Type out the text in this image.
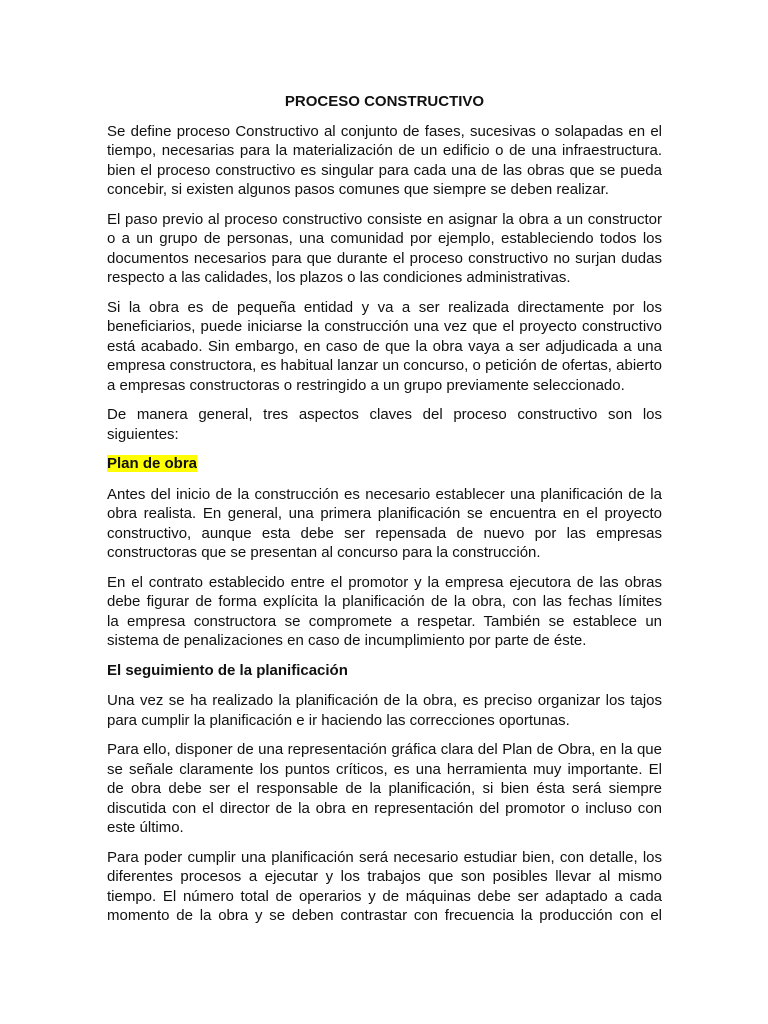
PROCESO CONSTRUCTIVO
Se define proceso Constructivo al conjunto de fases, sucesivas o solapadas en el
tiempo, necesarias para la materialización de un edificio o de una infraestructura.
bien el proceso constructivo es singular para cada una de las obras que se pueda
concebir, si existen algunos pasos comunes que siempre se deben realizar.
El paso previo al proceso constructivo consiste en asignar la obra a un constructor
o a un grupo de personas, una comunidad por ejemplo, estableciendo todos los
documentos necesarios para que durante el proceso constructivo no surjan dudas
respecto a las calidades, los plazos o las condiciones administrativas.
Si la obra es de pequeña entidad y va a ser realizada directamente por los
beneficiarios, puede iniciarse la construcción una vez que el proyecto constructivo
está acabado. Sin embargo, en caso de que la obra vaya a ser adjudicada a una
empresa constructora, es habitual lanzar un concurso, o petición de ofertas, abierto
a empresas constructoras o restringido a un grupo previamente seleccionado.
De manera general, tres aspectos claves del proceso constructivo son los
siguientes:
Plan de obra
Antes del inicio de la construcción es necesario establecer una planificación de la
obra realista. En general, una primera planificación se encuentra en el proyecto
constructivo, aunque esta debe ser repensada de nuevo por las empresas
constructoras que se presentan al concurso para la construcción.
En el contrato establecido entre el promotor y la empresa ejecutora de las obras
debe figurar de forma explícita la planificación de la obra, con las fechas límites
la empresa constructora se compromete a respetar. También se establece un
sistema de penalizaciones en caso de incumplimiento por parte de éste.
El seguimiento de la planificación
Una vez se ha realizado la planificación de la obra, es preciso organizar los tajos
para cumplir la planificación e ir haciendo las correcciones oportunas.
Para ello, disponer de una representación gráfica clara del Plan de Obra, en la que
se señale claramente los puntos críticos, es una herramienta muy importante. El
de obra debe ser el responsable de la planificación, si bien ésta será siempre
discutida con el director de la obra en representación del promotor o incluso con
este último.
Para poder cumplir una planificación será necesario estudiar bien, con detalle, los
diferentes procesos a ejecutar y los trabajos que son posibles llevar al mismo
tiempo. El número total de operarios y de máquinas debe ser adaptado a cada
momento de la obra y se deben contrastar con frecuencia la producción con el
